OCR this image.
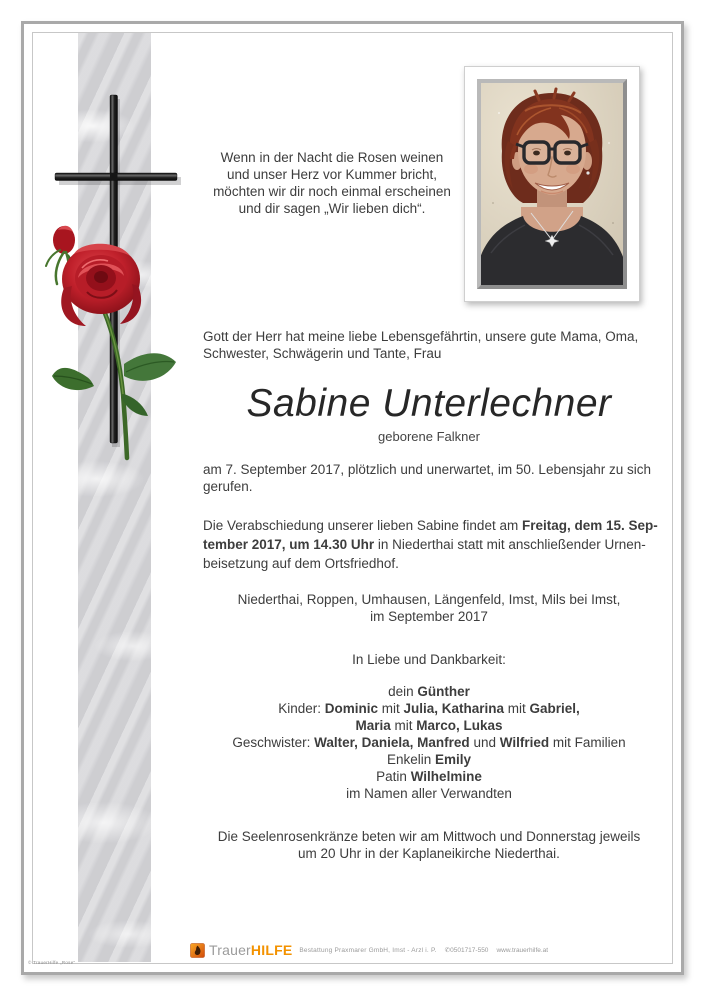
Wenn in der Nacht die Rosen weinen
und unser Herz vor Kummer bricht,
möchten wir dir noch einmal erscheinen
und dir sagen „Wir lieben dich“.
Gott der Herr hat meine liebe Lebensgefährtin, unsere gute Mama, Oma,
Schwester, Schwägerin und Tante, Frau
Sabine Unterlechner
geborene Falkner
am 7. September 2017, plötzlich und unerwartet, im 50. Lebensjahr zu sich
gerufen.
Die Verabschiedung unserer lieben Sabine findet am Freitag, dem 15. Sep-
tember 2017, um 14.30 Uhr in Niederthai statt mit anschließender Urnen-
beisetzung auf dem Ortsfriedhof.
Niederthai, Roppen, Umhausen, Längenfeld, Imst, Mils bei Imst,
im September 2017
In Liebe und Dankbarkeit:
dein Günther
Kinder: Dominic mit Julia, Katharina mit Gabriel,
Maria mit Marco, Lukas
Geschwister: Walter, Daniela, Manfred und Wilfried mit Familien
Enkelin Emily
Patin Wilhelmine
im Namen aller Verwandten
Die Seelenrosenkränze beten wir am Mittwoch und Donnerstag jeweils
um 20 Uhr in der Kaplaneikirche Niederthai.
Trauer HILFE Bestattung Praxmarer GmbH, Imst - Arzl i. P. ✆0501717-550 www.trauerhilfe.at
© TrauerHilfe „Rose“
